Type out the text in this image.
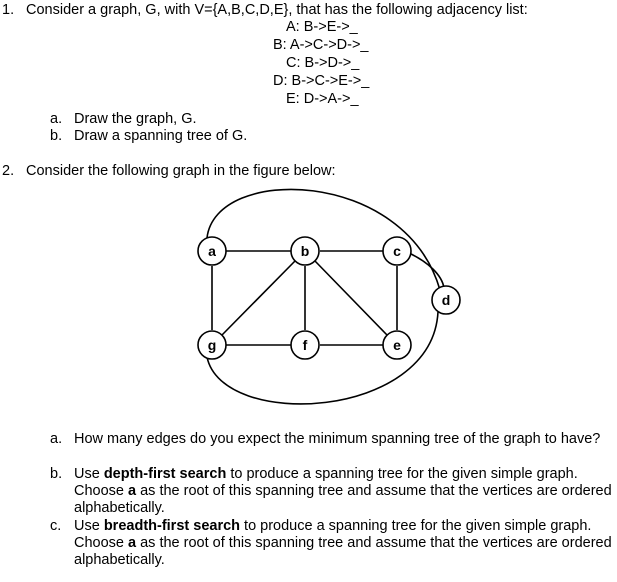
1. Consider a graph, G, with V={A,B,C,D,E}, that has the following adjacency list:
A: B->E->_
B: A->C->D->_
C: B->D->_
D: B->C->E->_
E: D->A->_
a. Draw the graph, G.
b. Draw a spanning tree of G.
2. Consider the following graph in the figure below:
a	b	c
d
g	f	e
a. How many edges do you expect the minimum spanning tree of the graph to have?
b. Use depth-first search to produce a spanning tree for the given simple graph. Choose a as the root of this spanning tree and assume that the vertices are ordered alphabetically.
c. Use breadth-first search to produce a spanning tree for the given simple graph. Choose a as the root of this spanning tree and assume that the vertices are ordered alphabetically.
